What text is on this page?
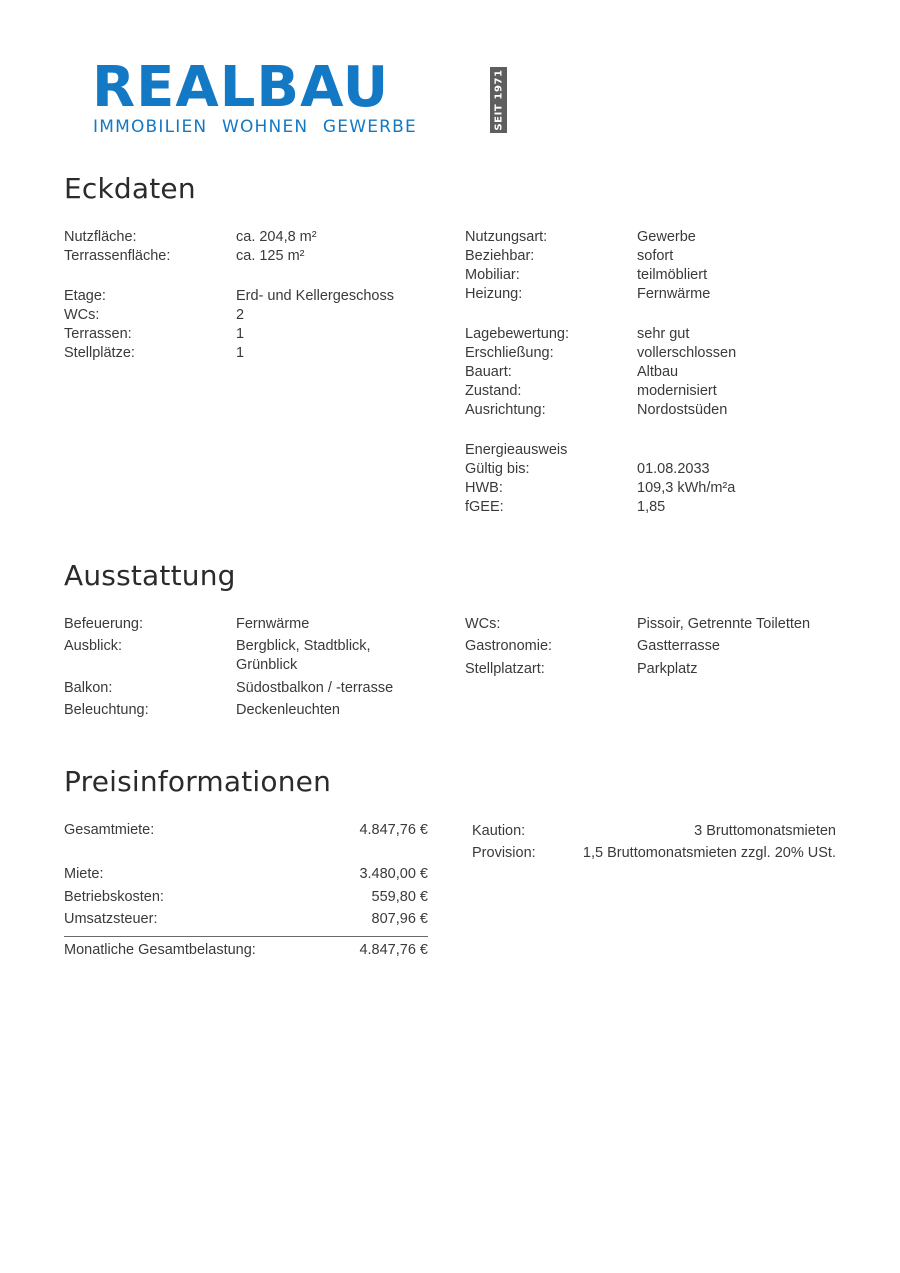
REALBAU
IMMOBILIEN WOHNEN GEWERBE	SEIT 1971
Eckdaten
Nutzfläche:	ca. 204,8 m²
Terrassenfläche:	ca. 125 m²
Etage:	Erd- und Kellergeschoss
WCs:	2
Terrassen:	1
Stellplätze:	1
Nutzungsart:	Gewerbe
Beziehbar:	sofort
Mobiliar:	teilmöbliert
Heizung:	Fernwärme
Lagebewertung:	sehr gut
Erschließung:	vollerschlossen
Bauart:	Altbau
Zustand:	modernisiert
Ausrichtung:	Nordostsüden
Energieausweis
Gültig bis:	01.08.2033
HWB:	109,3 kWh/m²a
fGEE:	1,85
Ausstattung
Befeuerung:	Fernwärme
Ausblick:	Bergblick, Stadtblick,
Grünblick
Balkon:	Südostbalkon / -terrasse
Beleuchtung:	Deckenleuchten
WCs:	Pissoir, Getrennte Toiletten
Gastronomie:	Gastterrasse
Stellplatzart:	Parkplatz
Preisinformationen
Gesamtmiete:	4.847,76 €
Miete:	3.480,00 €
Betriebskosten:	559,80 €
Umsatzsteuer:	807,96 €
Monatliche Gesamtbelastung:	4.847,76 €
Kaution:	3 Bruttomonatsmieten
Provision:	1,5 Bruttomonatsmieten zzgl. 20% USt.
